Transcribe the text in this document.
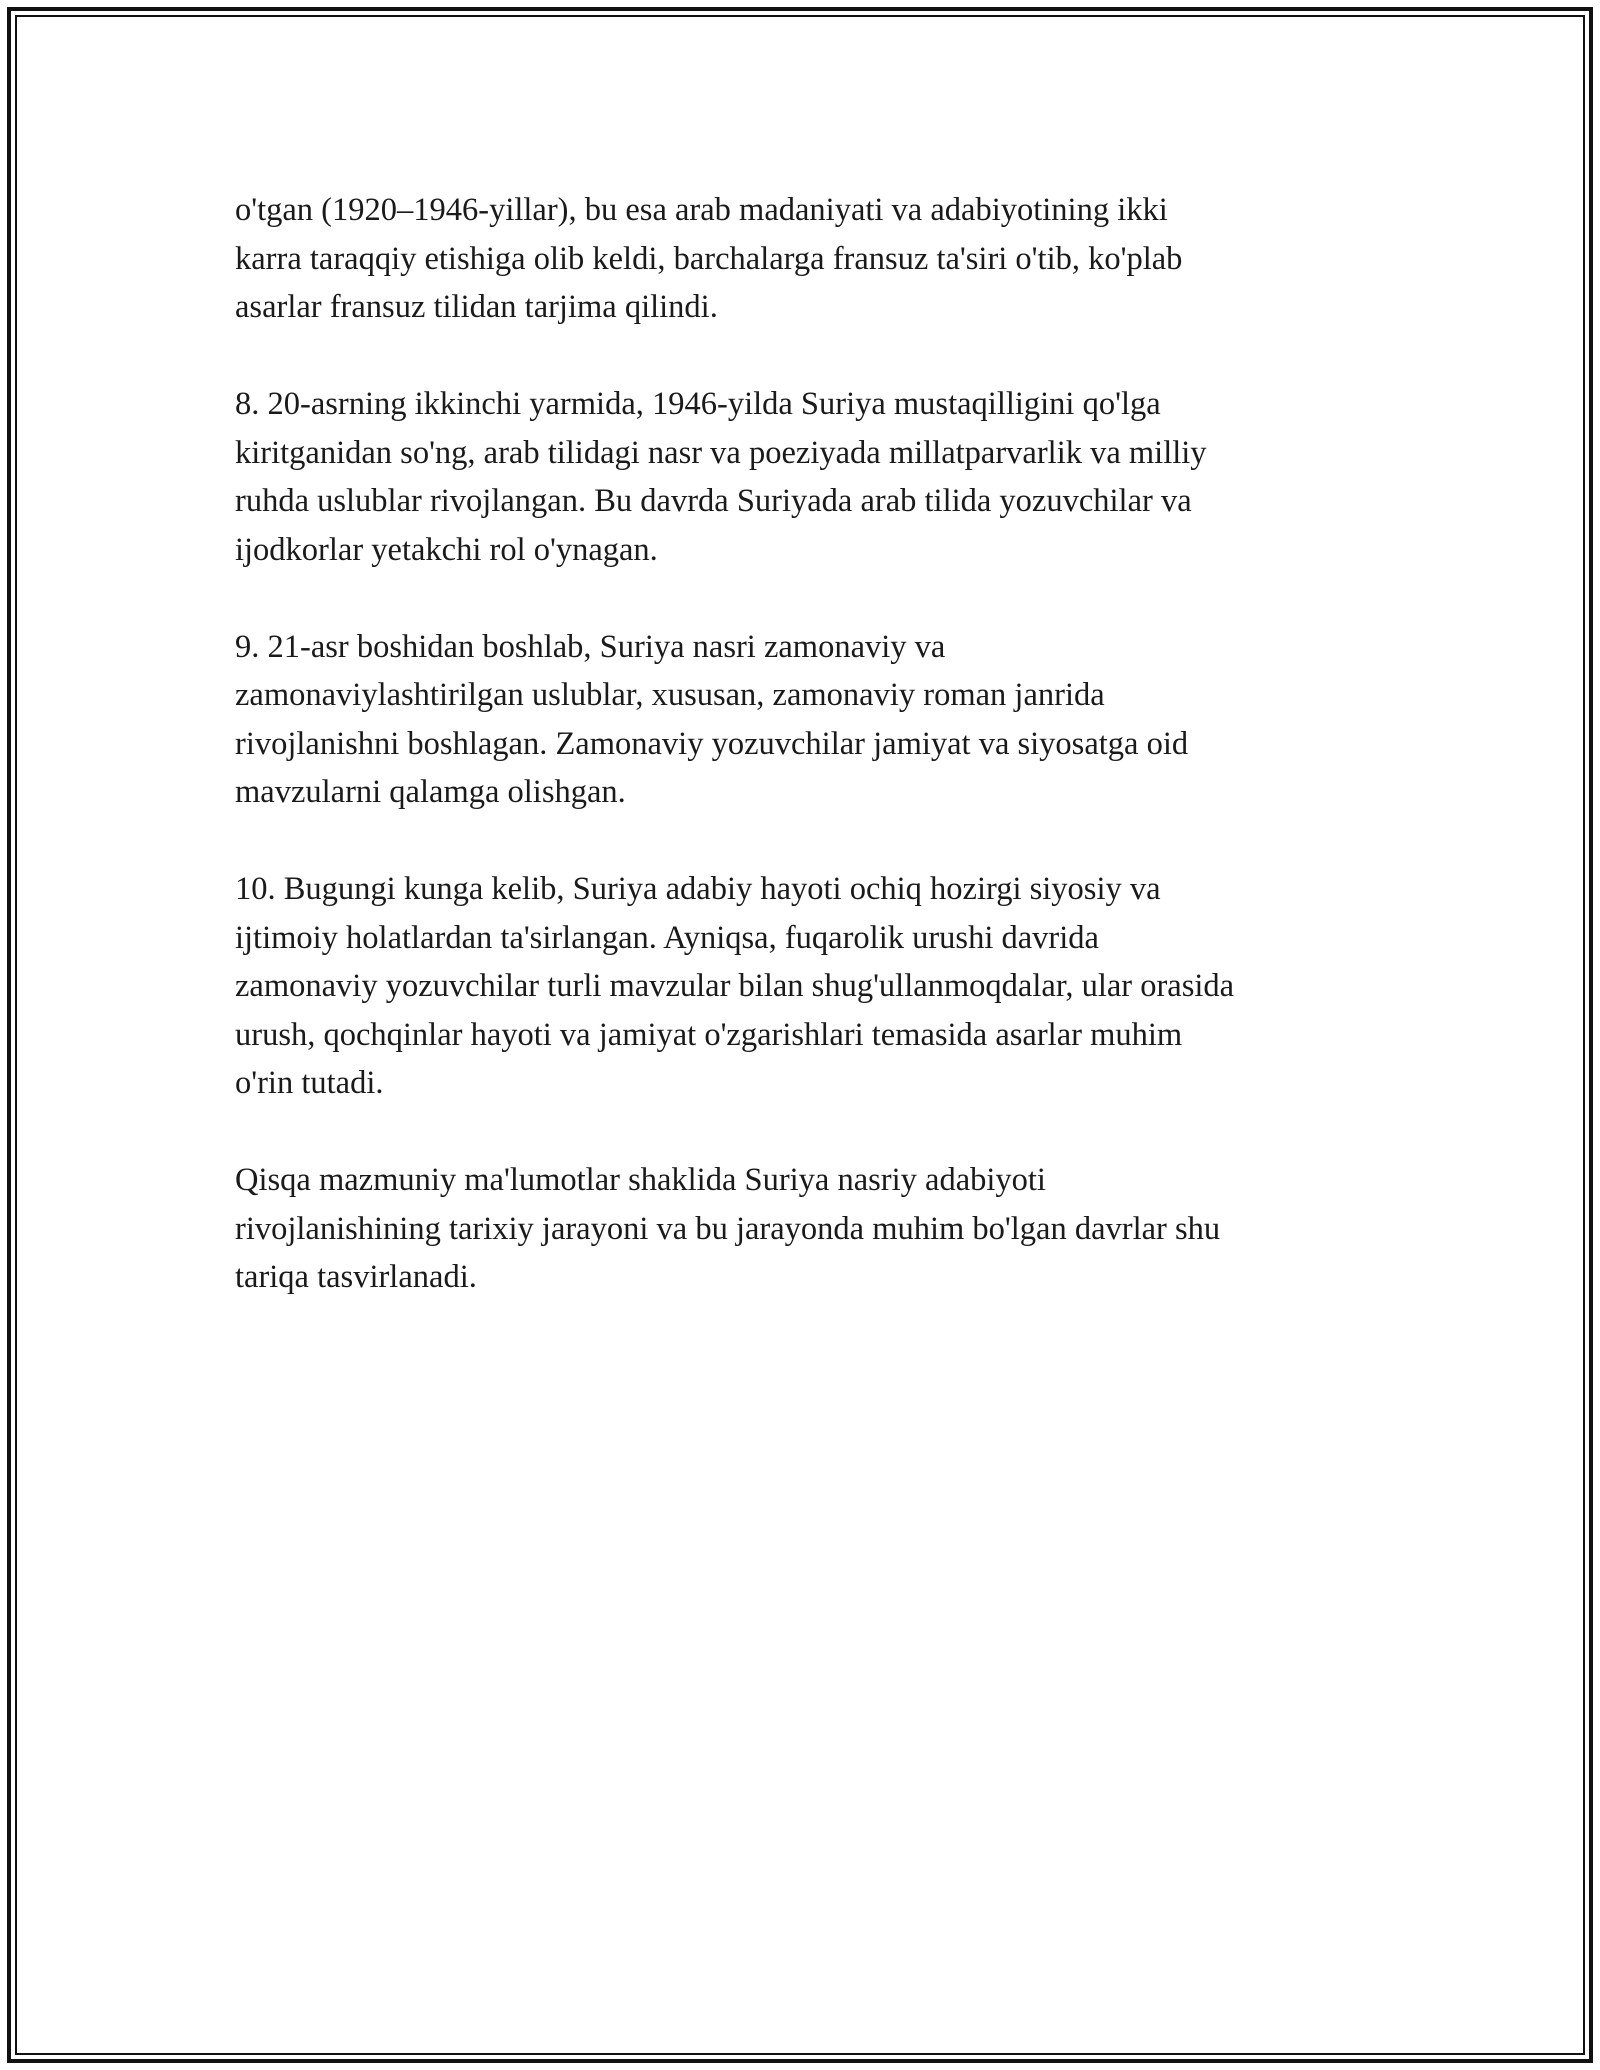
o'tgan (1920–1946-yillar), bu esa arab madaniyati va adabiyotining ikki
karra taraqqiy etishiga olib keldi, barchalarga fransuz ta'siri o'tib, ko'plab
asarlar fransuz tilidan tarjima qilindi.
8. 20-asrning ikkinchi yarmida, 1946-yilda Suriya mustaqilligini qo'lga
kiritganidan so'ng, arab tilidagi nasr va poeziyada millatparvarlik va milliy
ruhda uslublar rivojlangan. Bu davrda Suriyada arab tilida yozuvchilar va
ijodkorlar yetakchi rol o'ynagan.
9. 21-asr boshidan boshlab, Suriya nasri zamonaviy va
zamonaviylashtirilgan uslublar, xususan, zamonaviy roman janrida
rivojlanishni boshlagan. Zamonaviy yozuvchilar jamiyat va siyosatga oid
mavzularni qalamga olishgan.
10. Bugungi kunga kelib, Suriya adabiy hayoti ochiq hozirgi siyosiy va
ijtimoiy holatlardan ta'sirlangan. Ayniqsa, fuqarolik urushi davrida
zamonaviy yozuvchilar turli mavzular bilan shug'ullanmoqdalar, ular orasida
urush, qochqinlar hayoti va jamiyat o'zgarishlari temasida asarlar muhim
o'rin tutadi.
Qisqa mazmuniy ma'lumotlar shaklida Suriya nasriy adabiyoti
rivojlanishining tarixiy jarayoni va bu jarayonda muhim bo'lgan davrlar shu
tariqa tasvirlanadi.
